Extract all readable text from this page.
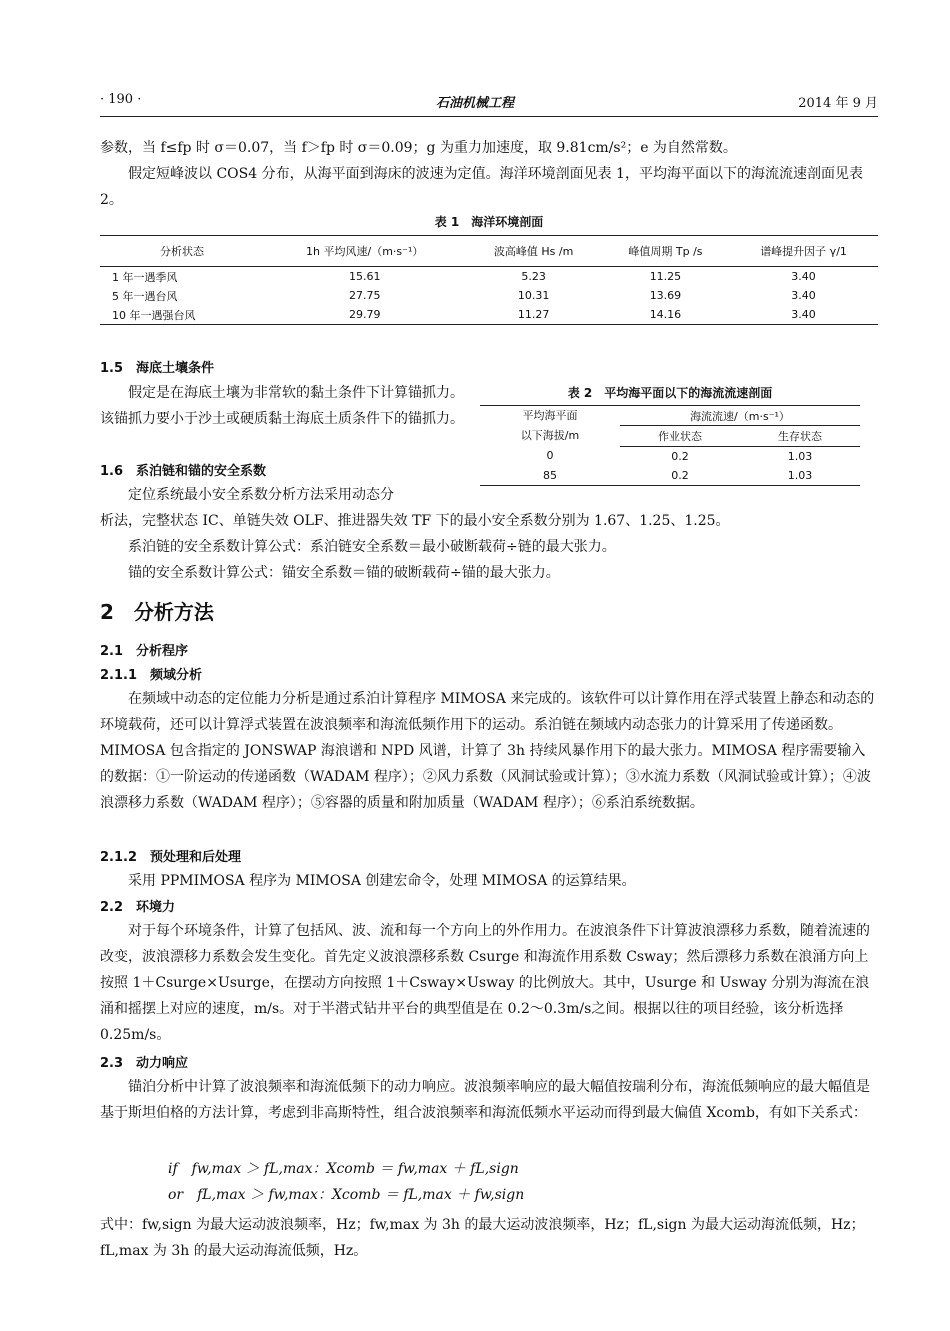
· 190 ·	石油机械工程	2014 年 9 月
参数，当 f≤fp 时 σ＝0.07，当 f＞fp 时 σ＝0.09；g 为重力加速度，取 9.81cm/s²；e 为自然常数。
假定短峰波以 COS4 分布，从海平面到海床的波速为定值。海洋环境剖面见表 1，平均海平面以下的海流流速剖面见表 2。
表 1　海洋环境剖面
分析状态	1h 平均风速/（m·s⁻¹）	波高峰值 Hs /m	峰值周期 Tp /s	谱峰提升因子 γ/1
1 年一遇季风	15.61	5.23	11.25	3.40
5 年一遇台风	27.75	10.31	13.69	3.40
10 年一遇强台风	29.79	11.27	14.16	3.40
1.5　海底土壤条件
假定是在海底土壤为非常软的黏土条件下计算锚抓力。该锚抓力要小于沙土或硬质黏土海底土质条件下的锚抓力。
表 2　平均海平面以下的海流流速剖面
平均海平面
以下海拔/m	海流流速/（m·s⁻¹）	
	作业状态	生存状态
0	0.2	1.03
85	0.2	1.03
1.6　系泊链和锚的安全系数
定位系统最小安全系数分析方法采用动态分
析法，完整状态 IC、单链失效 OLF、推进器失效 TF 下的最小安全系数分别为 1.67、1.25、1.25。
系泊链的安全系数计算公式：系泊链安全系数＝最小破断载荷÷链的最大张力。
锚的安全系数计算公式：锚安全系数＝锚的破断载荷÷锚的最大张力。
2　分析方法
2.1　分析程序
2.1.1　频域分析
在频域中动态的定位能力分析是通过系泊计算程序 MIMOSA 来完成的。该软件可以计算作用在浮式装置上静态和动态的环境载荷，还可以计算浮式装置在波浪频率和海流低频作用下的运动。系泊链在频域内动态张力的计算采用了传递函数。MIMOSA 包含指定的 JONSWAP 海浪谱和 NPD 风谱，计算了 3h 持续风暴作用下的最大张力。MIMOSA 程序需要输入的数据：①一阶运动的传递函数（WADAM 程序）；②风力系数（风洞试验或计算）；③水流力系数（风洞试验或计算）；④波浪漂移力系数（WADAM 程序）；⑤容器的质量和附加质量（WADAM 程序）；⑥系泊系统数据。
2.1.2　预处理和后处理
采用 PPMIMOSA 程序为 MIMOSA 创建宏命令，处理 MIMOSA 的运算结果。
2.2　环境力
对于每个环境条件，计算了包括风、波、流和每一个方向上的外作用力。在波浪条件下计算波浪漂移力系数，随着流速的改变，波浪漂移力系数会发生变化。首先定义波浪漂移系数 Csurge 和海流作用系数 Csway；然后漂移力系数在浪涌方向上按照 1＋Csurge×Usurge，在摆动方向按照 1＋Csway×Usway 的比例放大。其中，Usurge 和 Usway 分别为海流在浪涌和摇摆上对应的速度，m/s。对于半潜式钻井平台的典型值是在 0.2～0.3m/s之间。根据以往的项目经验，该分析选择 0.25m/s。
2.3　动力响应
锚泊分析中计算了波浪频率和海流低频下的动力响应。波浪频率响应的最大幅值按瑞利分布，海流低频响应的最大幅值是基于斯坦伯格的方法计算，考虑到非高斯特性，组合波浪频率和海流低频水平运动而得到最大偏值 Xcomb，有如下关系式：
if　fw,max ＞ fL,max：Xcomb ＝ fw,max ＋ fL,sign
or　fL,max ＞ fw,max：Xcomb ＝ fL,max ＋ fw,sign
式中：fw,sign 为最大运动波浪频率，Hz；fw,max 为 3h 的最大运动波浪频率，Hz；fL,sign 为最大运动海流低频，Hz；fL,max 为 3h 的最大运动海流低频，Hz。
